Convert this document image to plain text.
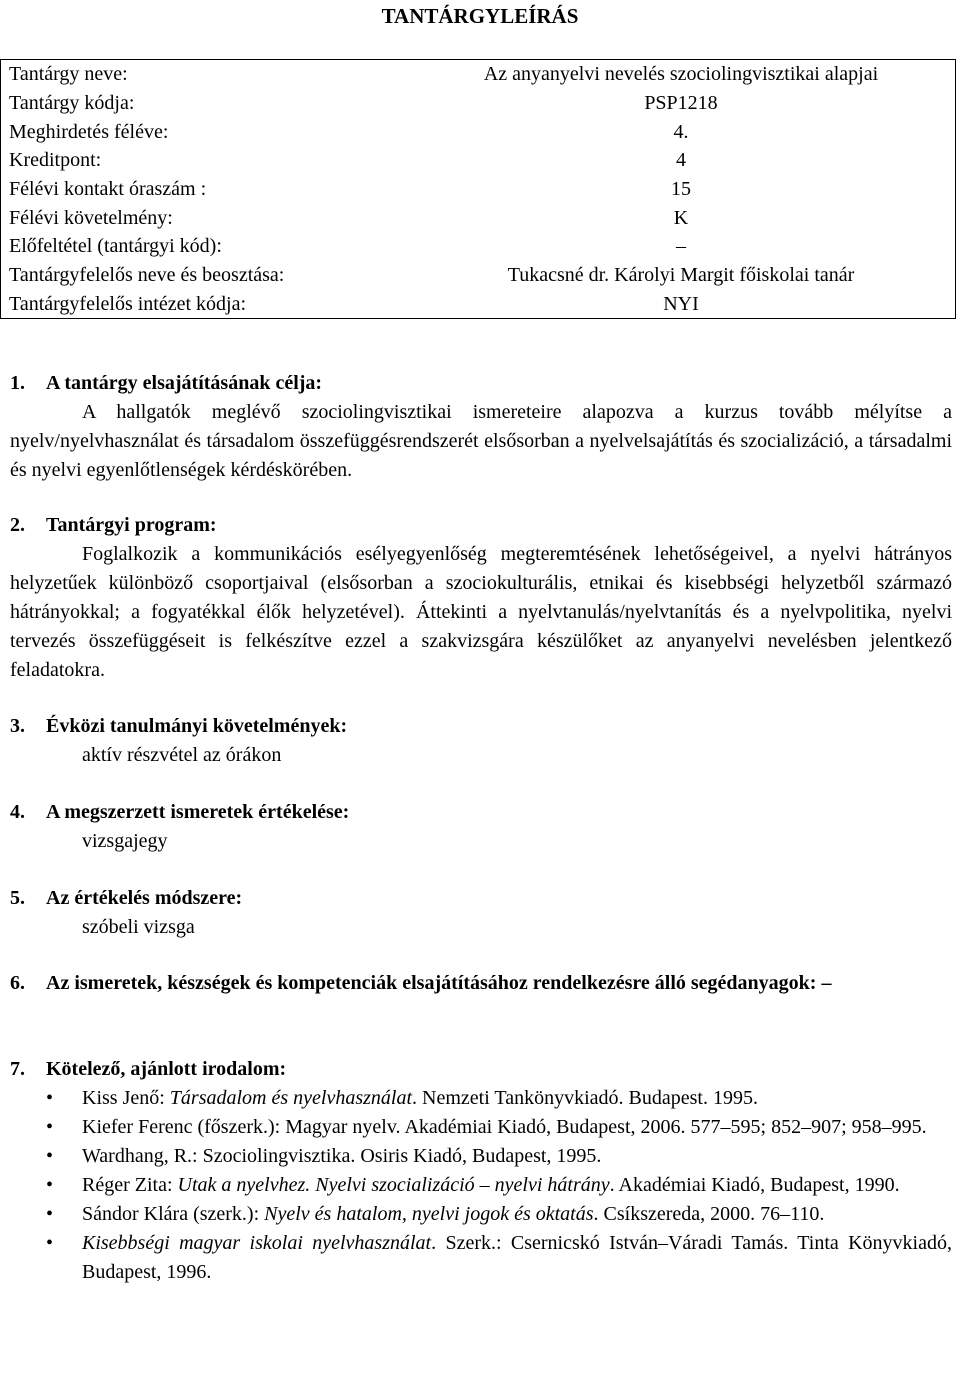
TANTÁRGYLEÍRÁS
Tantárgy neve:	Az anyanyelvi nevelés szociolingvisztikai alapjai
Tantárgy kódja:	PSP1218
Meghirdetés féléve:	4.
Kreditpont:	4
Félévi kontakt óraszám :	15
Félévi követelmény:	K
Előfeltétel (tantárgyi kód):	–
Tantárgyfelelős neve és beosztása:	Tukacsné dr. Károlyi Margit főiskolai tanár
Tantárgyfelelős intézet kódja:	NYI
1. A tantárgy elsajátításának célja:

A hallgatók meglévő szociolingvisztikai ismereteire alapozva a kurzus tovább mélyítse a nyelv/nyelvhasználat és társadalom összefüggésrendszerét elsősorban a nyelvelsajátítás és szocializáció, a társadalmi és nyelvi egyenlőtlenségek kérdéskörében.

2. Tantárgyi program:

Foglalkozik a kommunikációs esélyegyenlőség megteremtésének lehetőségeivel, a nyelvi hátrányos helyzetűek különböző csoportjaival (elsősorban a szociokulturális, etnikai és kisebbségi helyzetből származó hátrányokkal; a fogyatékkal élők helyzetével). Áttekinti a nyelvtanulás/nyelvtanítás és a nyelvpolitika, nyelvi tervezés összefüggéseit is felkészítve ezzel a szakvizsgára készülőket az anyanyelvi nevelésben jelentkező feladatokra.

3. Évközi tanulmányi követelmények:
aktív részvétel az órákon
4. A megszerzett ismeretek értékelése:
vizsgajegy
5. Az értékelés módszere:
szóbeli vizsga
6.	Az ismeretek, készségek és kompetenciák elsajátításához rendelkezésre álló segédanyagok: –
7. Kötelező, ajánlott irodalom:
• Kiss Jenő: Társadalom és nyelvhasználat. Nemzeti Tankönyvkiadó. Budapest. 1995.
• Kiefer Ferenc (főszerk.): Magyar nyelv. Akadémiai Kiadó, Budapest, 2006. 577–595; 852–907; 958–995.
• Wardhang, R.: Szociolingvisztika. Osiris Kiadó, Budapest, 1995.
• Réger Zita: Utak a nyelvhez. Nyelvi szocializáció – nyelvi hátrány. Akadémiai Kiadó, Budapest, 1990.
• Sándor Klára (szerk.): Nyelv és hatalom, nyelvi jogok és oktatás. Csíkszereda, 2000. 76–110.
• Kisebbségi magyar iskolai nyelvhasználat. Szerk.: Csernicskó István–Váradi Tamás. Tinta Könyvkiadó, Budapest, 1996.
